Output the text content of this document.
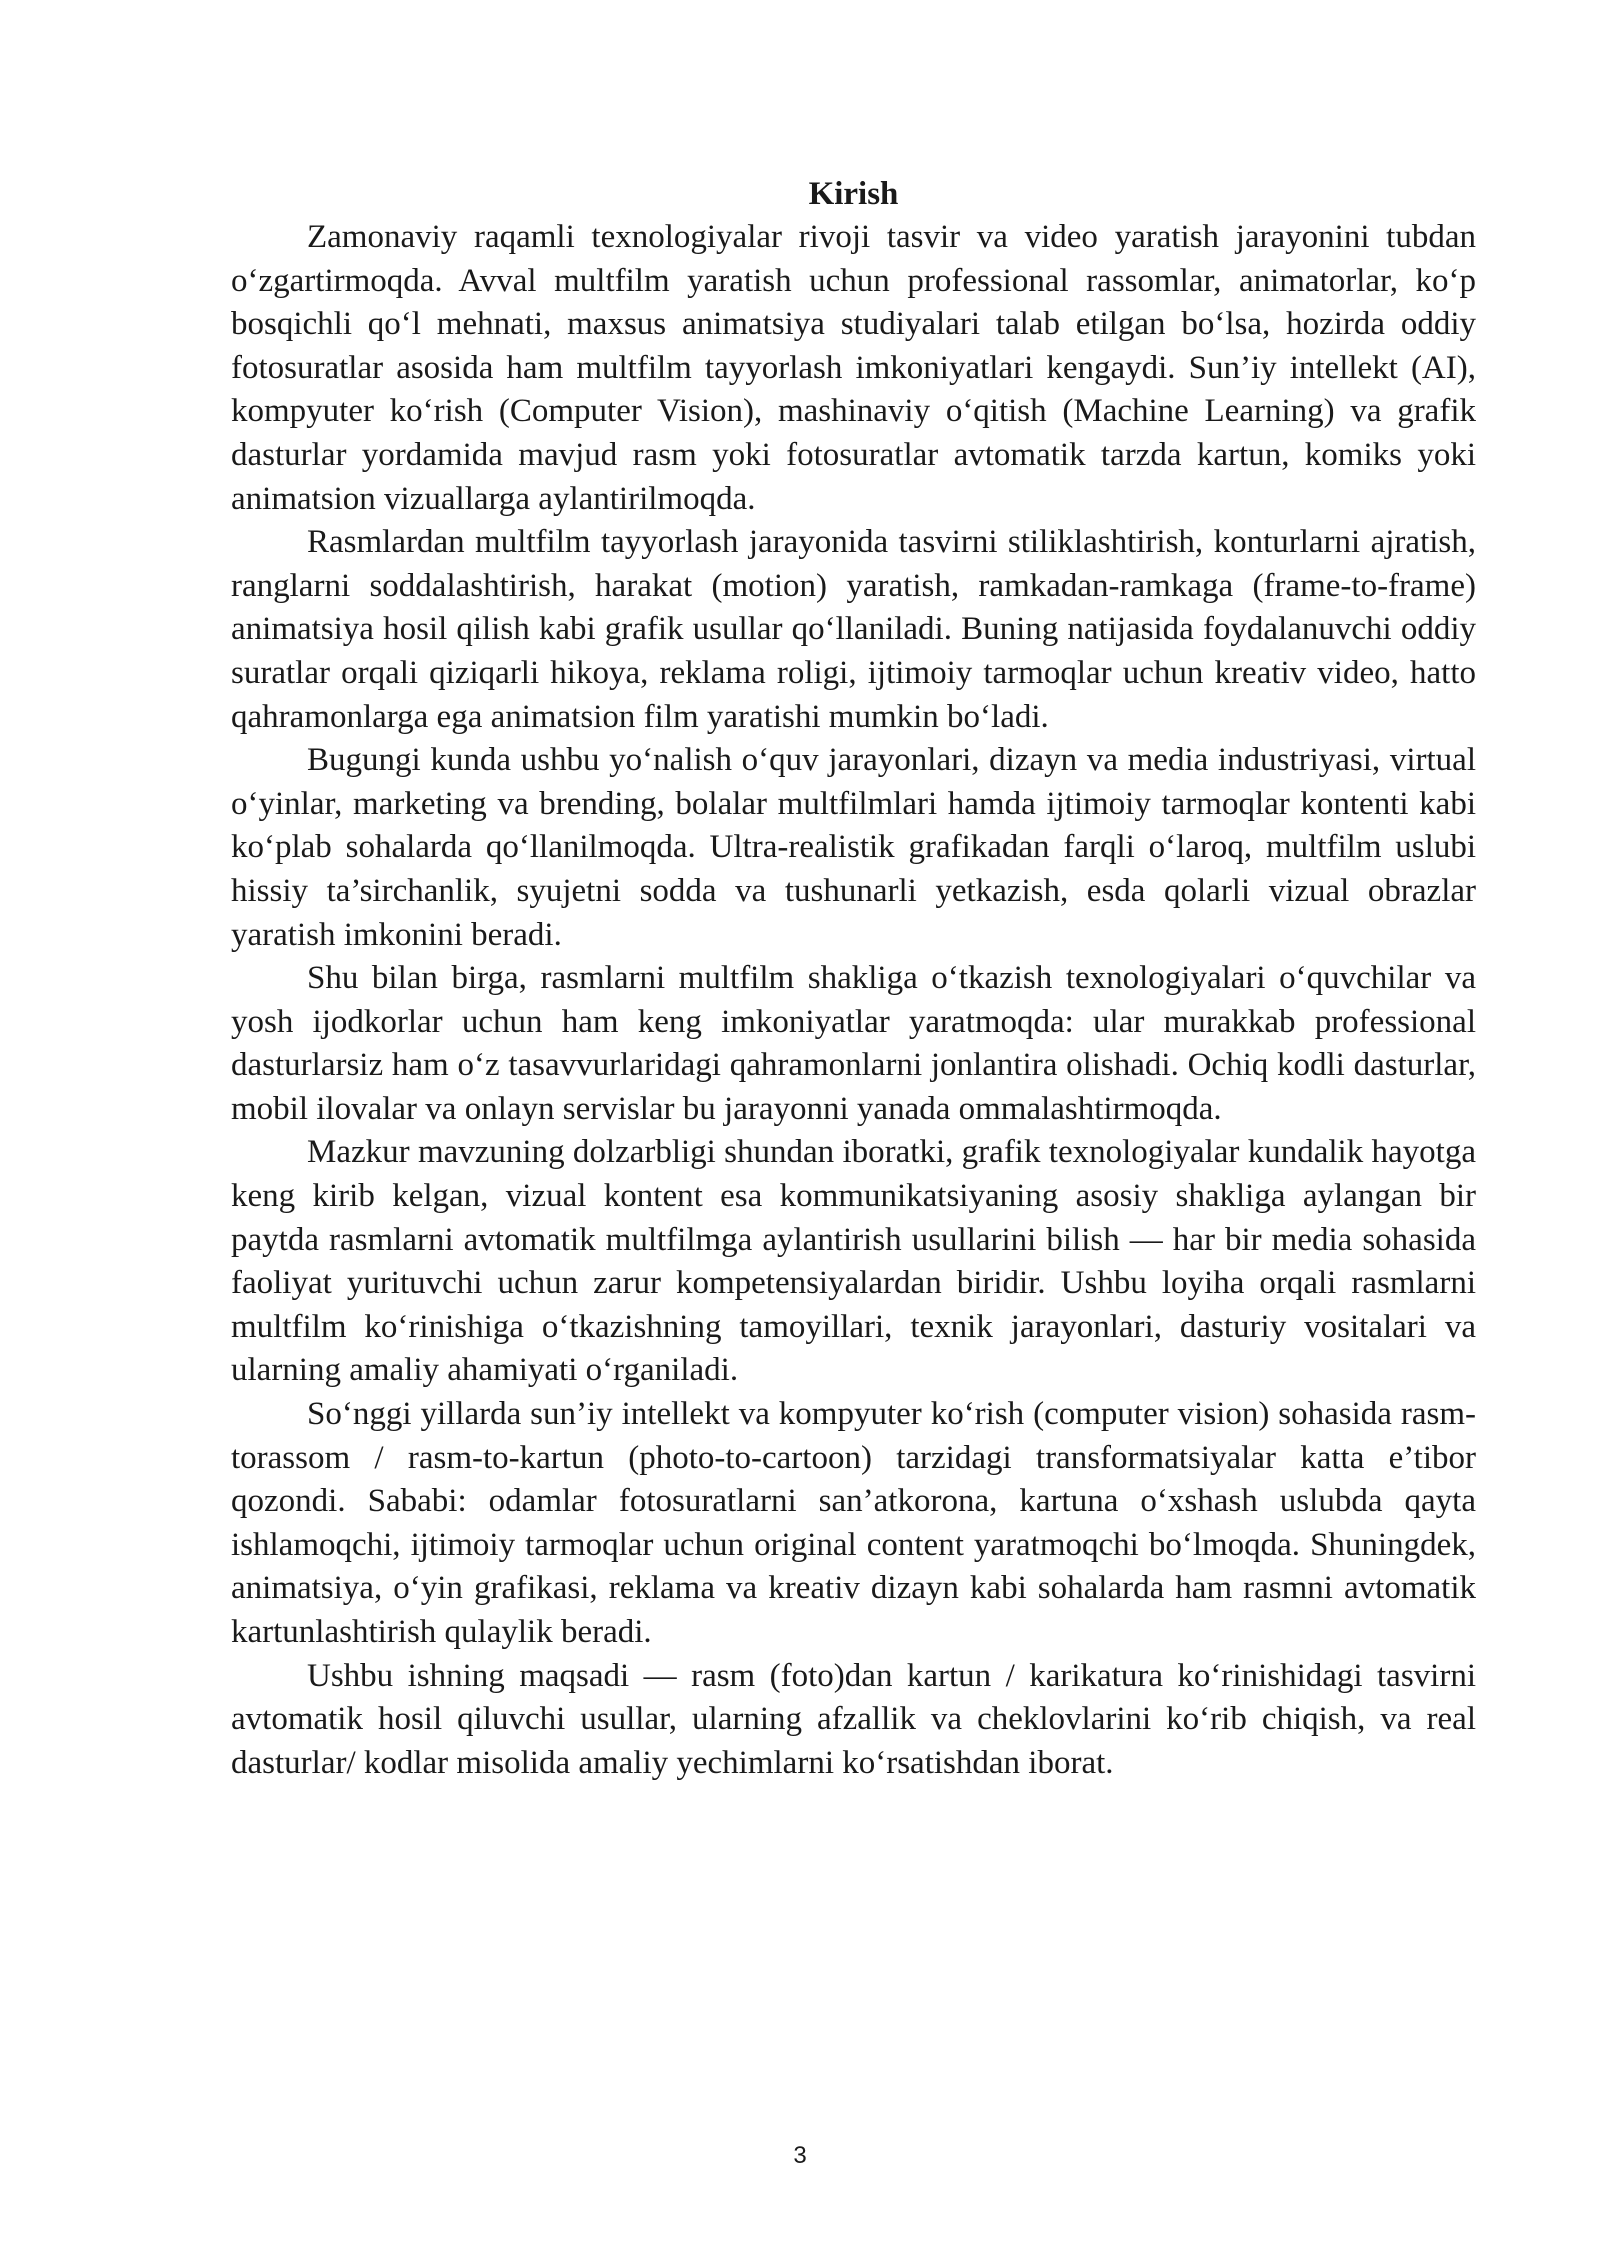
Kirish

Zamonaviy raqamli texnologiyalar rivoji tasvir va video yaratish jarayonini tubdan o‘zgartirmoqda. Avval multfilm yaratish uchun professional rassomlar, animatorlar, ko‘p bosqichli qo‘l mehnati, maxsus animatsiya studiyalari talab etilgan bo‘lsa, hozirda oddiy fotosuratlar asosida ham multfilm tayyorlash imkoniyatlari kengaydi. Sun’iy intellekt (AI), kompyuter ko‘rish (Computer Vision), mashinaviy o‘qitish (Machine Learning) va grafik dasturlar yordamida mavjud rasm yoki fotosuratlar avtomatik tarzda kartun, komiks yoki animatsion vizuallarga aylantirilmoqda.

Rasmlardan multfilm tayyorlash jarayonida tasvirni stiliklashtirish, konturlarni ajratish, ranglarni soddalashtirish, harakat (motion) yaratish, ramkadan-ramkaga (frame-to-frame) animatsiya hosil qilish kabi grafik usullar qo‘llaniladi. Buning natijasida foydalanuvchi oddiy suratlar orqali qiziqarli hikoya, reklama roligi, ijtimoiy tarmoqlar uchun kreativ video, hatto qahramonlarga ega animatsion film yaratishi mumkin bo‘ladi.

Bugungi kunda ushbu yo‘nalish o‘quv jarayonlari, dizayn va media industriyasi, virtual o‘yinlar, marketing va brending, bolalar multfilmlari hamda ijtimoiy tarmoqlar kontenti kabi ko‘plab sohalarda qo‘llanilmoqda. Ultra-realistik grafikadan farqli o‘laroq, multfilm uslubi hissiy ta’sirchanlik, syujetni sodda va tushunarli yetkazish, esda qolarli vizual obrazlar yaratish imkonini beradi.

Shu bilan birga, rasmlarni multfilm shakliga o‘tkazish texnologiyalari o‘quvchilar va yosh ijodkorlar uchun ham keng imkoniyatlar yaratmoqda: ular murakkab professional dasturlarsiz ham o‘z tasavvurlaridagi qahramonlarni jonlantira olishadi. Ochiq kodli dasturlar, mobil ilovalar va onlayn servislar bu jarayonni yanada ommalashtirmoqda.

Mazkur mavzuning dolzarbligi shundan iboratki, grafik texnologiyalar kundalik hayotga keng kirib kelgan, vizual kontent esa kommunikatsiyaning asosiy shakliga aylangan bir paytda rasmlarni avtomatik multfilmga aylantirish usullarini bilish — har bir media sohasida faoliyat yurituvchi uchun zarur kompetensiyalardan biridir. Ushbu loyiha orqali rasmlarni multfilm ko‘rinishiga o‘tkazishning tamoyillari, texnik jarayonlari, dasturiy vositalari va ularning amaliy ahamiyati o‘rganiladi.

So‘nggi yillarda sun’iy intellekt va kompyuter ko‘rish (computer vision) sohasida rasm-torassom / rasm-to-kartun (photo-to-cartoon) tarzidagi transformatsiyalar katta e’tibor qozondi. Sababi: odamlar fotosuratlarni san’atkorona, kartuna o‘xshash uslubda qayta ishlamoqchi, ijtimoiy tarmoqlar uchun original content yaratmoqchi bo‘lmoqda. Shuningdek, animatsiya, o‘yin grafikasi, reklama va kreativ dizayn kabi sohalarda ham rasmni avtomatik kartunlashtirish qulaylik beradi.

Ushbu ishning maqsadi — rasm (foto)dan kartun / karikatura ko‘rinishidagi tasvirni avtomatik hosil qiluvchi usullar, ularning afzallik va cheklovlarini ko‘rib chiqish, va real dasturlar/ kodlar misolida amaliy yechimlarni ko‘rsatishdan iborat.

3
